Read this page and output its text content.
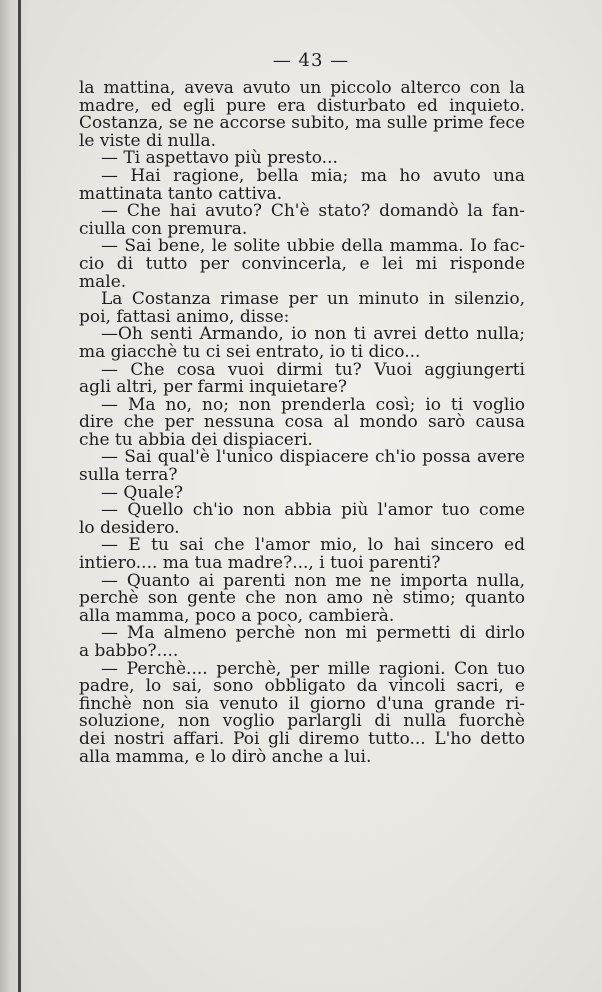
— 43 —
la mattina, aveva avuto un piccolo alterco con la
madre, ed egli pure era disturbato ed inquieto.
Costanza, se ne accorse subito, ma sulle prime fece
le viste di nulla.
— Ti aspettavo più presto...
— Hai ragione, bella mia; ma ho avuto una
mattinata tanto cattiva.
— Che hai avuto? Ch'è stato? domandò la fan-
ciulla con premura.
— Sai bene, le solite ubbie della mamma. Io fac-
cio di tutto per convincerla, e lei mi risponde
male.
La Costanza rimase per un minuto in silenzio,
poi, fattasi animo, disse:
—Oh senti Armando, io non ti avrei detto nulla;
ma giacchè tu ci sei entrato, io ti dico...
— Che cosa vuoi dirmi tu? Vuoi aggiungerti
agli altri, per farmi inquietare?
— Ma no, no; non prenderla così; io ti voglio
dire che per nessuna cosa al mondo sarò causa
che tu abbia dei dispiaceri.
— Sai qual'è l'unico dispiacere ch'io possa avere
sulla terra?
— Quale?
— Quello ch'io non abbia più l'amor tuo come
lo desidero.
— E tu sai che l'amor mio, lo hai sincero ed
intiero.... ma tua madre?..., i tuoi parenti?
— Quanto ai parenti non me ne importa nulla,
perchè son gente che non amo nè stimo; quanto
alla mamma, poco a poco, cambierà.
— Ma almeno perchè non mi permetti di dirlo
a babbo?....
— Perchè.... perchè, per mille ragioni. Con tuo
padre, lo sai, sono obbligato da vincoli sacri, e
finchè non sia venuto il giorno d'una grande ri-
soluzione, non voglio parlargli di nulla fuorchè
dei nostri affari. Poi gli diremo tutto... L'ho detto
alla mamma, e lo dirò anche a lui.
